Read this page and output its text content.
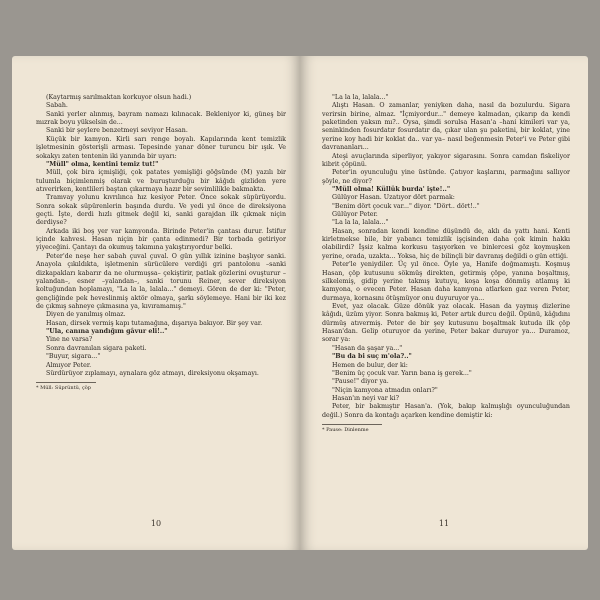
(Kaytarmış sarılmaktan korkuyor olsun hadi.)

Sabah.

Sanki yerler alınmış, bayram namazı kılınacak. Bekleniyor ki, güneş bir mızrak boyu yükselsin de...

Sanki bir şeylere benzetmeyi seviyor Hasan.

Küçük bir kamyon. Kirli sarı renge boyalı. Kapılarında kent temizlik işletmesinin gösterişli arması. Tepesinde yanar döner turuncu bir ışık. Ve sokakyı zaten tentenin iki yanında bir uyarı:

"Müll" olma, kentini temiz tut!"

Müll, çok bira içmişliği, çok patates yemişliği göğsünde (M) yazılı bir tulumla biçimlenmiş olarak ve buruşturduğu bir kâğıdı gizliden yere atıverirken, kentlileri baştan çıkarmaya hazır bir sevimlilikle bakmakta.

Tramvay yolunu kıvrılınca hız kesiyor Peter. Önce sokak süpürüyordu. Sonra sokak süpürenlerin başında durdu. Ve yedi yıl önce de direksiyona geçti. İşte, derdi hızlı gitmek değil ki, sanki garajdan ilk çıkmak niçin derdiyse?

Arkada iki boş yer var kamyonda. Birinde Peter'in çantası durur. İstifur içinde kahvesi. Hasan niçin bir çanta edinmedi? Bir torbada getiriyor yiyeceğini. Çantayı da okumuş takımına yakıştırıyordur belki.

Peter'de neşe her sabah çuval çuval. O gün yıllık izinine başlıyor sanki. Anayola çıkıldıkta, işletmenin sürücülere verdiği gri pantolonu –sanki dizkapakları kabarır da ne olurmuşsa– çekiştirir, patlak gözlerini ovuşturur –yalandan–, esner –yalandan–, sanki torunu Reiner, sever direksiyon koltuğundan hoplamayı, "La la la, lalala..." demeyi. Gören de der ki: "Peter, gençliğinde pek heveslinmiş aktör olmaya, şarkı söylemeye. Hani bir iki kez de çıkmış sahneye çıkmasına ya, kıvıramamış."

Diyen de yanılmış olmaz.

Hasan, dirsek vermiş kapı tutamağına, dışarıya bakıyor. Bir şey var.

"Ula, canına yandığım gâvur eli!.."

Yine ne varsa?

Sonra davranılan sigara paketi.

"Buyur, sigara..."

Almıyor Peter.

Sürdürüyor zıplamayı, aynalara göz atmayı, direksiyonu okşamayı.

* Müll: Süprüntü, çöp
10

"La la la, lalala..."

Alıştı Hasan. O zamanlar, yeniyken daha, nasıl da bozulurdu. Sigara verirsin birine, almaz. "İçmiyordur..." demeye kalmadan, çıkarıp da kendi paketinden yaksın mı?.. Oysa, şimdi sorulsa Hasan'a –hani kimileri var ya, seninkinden fosurdatır fosurdatır da, çıkar ulan şu paketini, bir koklat, yine yerine koy hadi bir koklat da.. var ya– nasıl beğenmesin Peter'i ve Peter gibi davrananları...

Ateşi avuçlarında siperliyor, yakıyor sigarasını. Sonra camdan fiskeliyor kibrit çöpünü.

Peter'in oyunculuğu yine üstünde. Çatıyor kaşlarını, parmağını sallıyor şöyle, ne diyor?

"Müll olma! Küllük burda' işte!.."

Gülüyor Hasan. Uzatıyor dört parmak:

"Benim dört çocuk var..." diyor. "Dört.. dört!.."

Gülüyor Peter.

"La la la, lalala..."

Hasan, sonradan kendi kendine düşündü de, aklı da yattı hani. Kenti kirletmekse bile, bir yabancı temizlik işçisinden daha çok kimin hakkı olabilirdi? İşsiz kalma korkusu taşıyorken ve binlercesi göz koymuşken yerine, orada, uzakta... Yoksa, hiç de bilinçli bir davranış değildi o gün ettiği.

Peter'le yeniydiler. Üç yıl önce. Öyle ya, Hanife doğmamıştı. Koşmuş Hasan, çöp kutusunu sökmüş direkten, getirmiş çöpe, yanına boşaltmış, silkelemiş, gidip yerine takmış kutuyu, koşa koşa dönmüş atlamış ki kamyona, o evecen Peter. Hasan daha kamyona atlarken gaz veren Peter, durmaya, kornasını ötüşmüyor onu duyuruyor ya...

Evet, yaz olacak. Güze dönük yaz olacak. Hasan da yaymış dizlerine kâğıdı, üzüm yiyor. Sonra bakmış ki, Peter artık durcu değil. Öpünü, kâğıdını dürmüş atıvermiş. Peter de bir şey kutusunu boşaltmak kutuda ilk çöp Hasan'dan. Gelip oturuyor da yerine, Peter bakar duruyor ya... Duramoz, sorar ya:

"Hasan da şaşar ya..."

"Bu da bi suç m'ola?.."

Hemen de bulur, der ki:

"Benim üç çocuk var. Yarın bana iş gerek..."

"Pause!" diyor ya.

"Niçin kamyona atmadın onları?"

Hasan'ın neyi var ki?

Peter, bir bakmıştır Hasan'a. (Yok, bakıp kalmışlığı oyunculuğundan değil.) Sonra da kontağı açarken kendine demiştir ki:

* Pause: Dinlenme
11
